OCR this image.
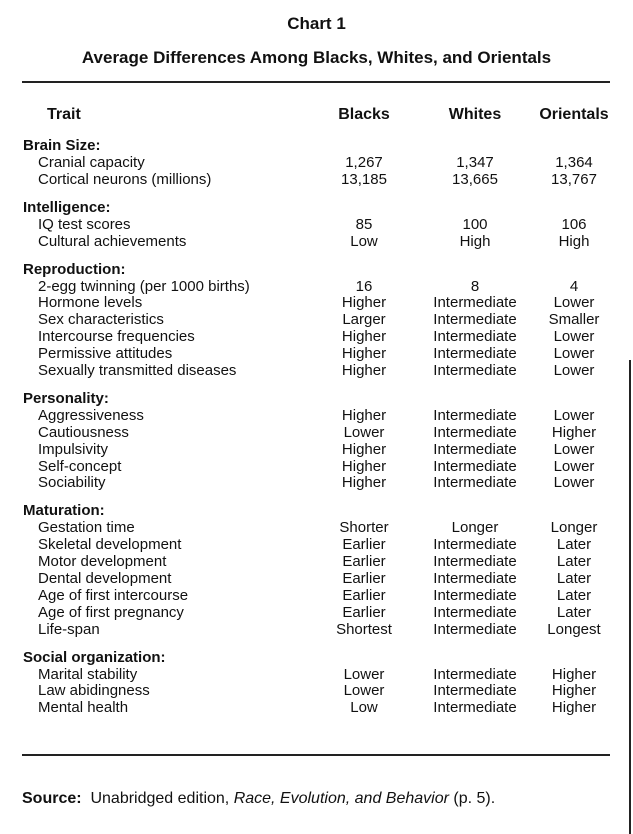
Chart 1
Average Differences Among Blacks, Whites, and Orientals
Trait	Blacks	Whites	Orientals
Brain Size:
Cranial capacity	1,267	1,347	1,364
Cortical neurons (millions)	13,185	13,665	13,767
Intelligence:
IQ test scores	85	100	106
Cultural achievements	Low	High	High
Reproduction:
2-egg twinning (per 1000 births)	16	8	4
Hormone levels	Higher	Intermediate	Lower
Sex characteristics	Larger	Intermediate	Smaller
Intercourse frequencies	Higher	Intermediate	Lower
Permissive attitudes	Higher	Intermediate	Lower
Sexually transmitted diseases	Higher	Intermediate	Lower
Personality:
Aggressiveness	Higher	Intermediate	Lower
Cautiousness	Lower	Intermediate	Higher
Impulsivity	Higher	Intermediate	Lower
Self-concept	Higher	Intermediate	Lower
Sociability	Higher	Intermediate	Lower
Maturation:
Gestation time	Shorter	Longer	Longer
Skeletal development	Earlier	Intermediate	Later
Motor development	Earlier	Intermediate	Later
Dental development	Earlier	Intermediate	Later
Age of first intercourse	Earlier	Intermediate	Later
Age of first pregnancy	Earlier	Intermediate	Later
Life-span	Shortest	Intermediate	Longest
Social organization:
Marital stability	Lower	Intermediate	Higher
Law abidingness	Lower	Intermediate	Higher
Mental health	Low	Intermediate	Higher
Source: Unabridged edition, Race, Evolution, and Behavior (p. 5).
